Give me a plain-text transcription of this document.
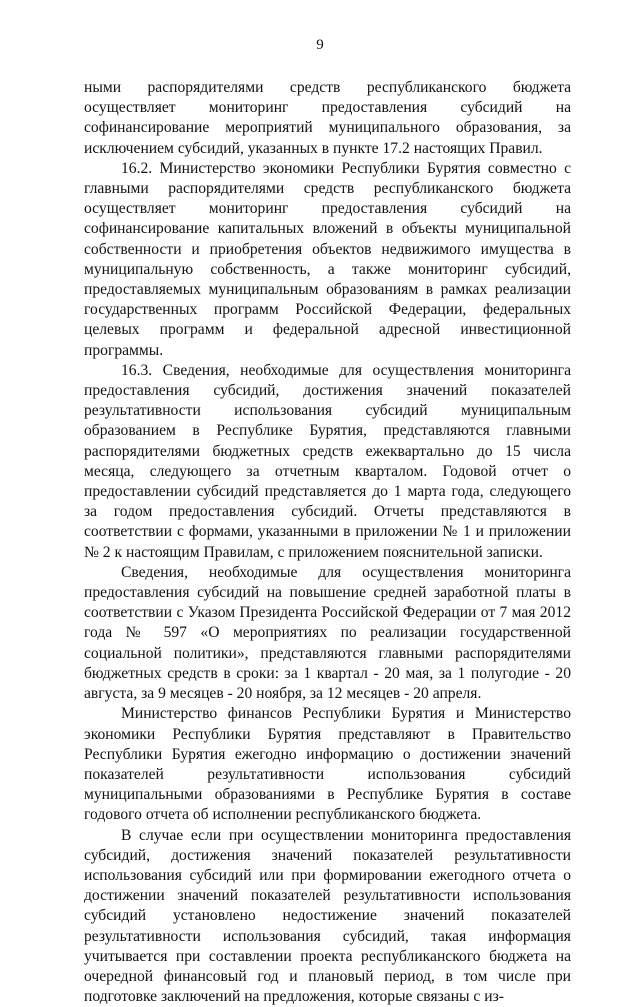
9

ными распорядителями средств республиканского бюджета осуществляет мониторинг предоставления субсидий на софинансирование мероприятий муниципального образования, за исключением субсидий, указанных в пункте 17.2 настоящих Правил.

16.2. Министерство экономики Республики Бурятия совместно с главными распорядителями средств республиканского бюджета осуществляет мониторинг предоставления субсидий на софинансирование капитальных вложений в объекты муниципальной собственности и приобретения объектов недвижимого имущества в муниципальную собственность, а также мониторинг субсидий, предоставляемых муниципальным образованиям в рамках реализации государственных программ Российской Федерации, федеральных целевых программ и федеральной адресной инвестиционной программы.

16.3. Сведения, необходимые для осуществления мониторинга предоставления субсидий, достижения значений показателей результативности использования субсидий муниципальным образованием в Республике Бурятия, представляются главными распорядителями бюджетных средств ежеквартально до 15 числа месяца, следующего за отчетным кварталом. Годовой отчет о предоставлении субсидий представляется до 1 марта года, следующего за годом предоставления субсидий. Отчеты представляются в соответствии с формами, указанными в приложении № 1 и приложении № 2 к настоящим Правилам, с приложением пояснительной записки.

Сведения, необходимые для осуществления мониторинга предоставления субсидий на повышение средней заработной платы в соответствии с Указом Президента Российской Федерации от 7 мая 2012 года № 597 «О мероприятиях по реализации государственной социальной политики», представляются главными распорядителями бюджетных средств в сроки: за 1 квартал - 20 мая, за 1 полугодие - 20 августа, за 9 месяцев - 20 ноября, за 12 месяцев - 20 апреля.

Министерство финансов Республики Бурятия и Министерство экономики Республики Бурятия представляют в Правительство Республики Бурятия ежегодно информацию о достижении значений показателей результативности использования субсидий муниципальными образованиями в Республике Бурятия в составе годового отчета об исполнении республиканского бюджета.

В случае если при осуществлении мониторинга предоставления субсидий, достижения значений показателей результативности использования субсидий или при формировании ежегодного отчета о достижении значений показателей результативности использования субсидий установлено недостижение значений показателей результативности использования субсидий, такая информация учитывается при составлении проекта республиканского бюджета на очередной финансовый год и плановый период, в том числе при подготовке заключений на предложения, которые связаны с из-
